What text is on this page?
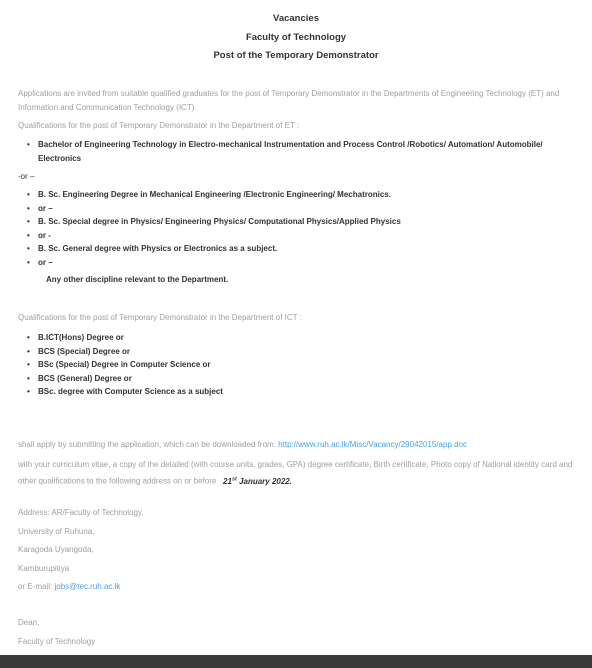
Vacancies
Faculty of Technology
Post of the Temporary Demonstrator
Applications are invited from suitable qualified graduates for the post of Temporary Demonstrator in the Departments of Engineering Technology (ET) and Information and Communication Technology (ICT).
Qualifications for the post of Temporary Demonstrator in the Department of ET :
• Bachelor of Engineering Technology in Electro-mechanical Instrumentation and Process Control /Robotics/ Automation/ Automobile/ Electronics
-or –
• B. Sc. Engineering Degree in Mechanical Engineering /Electronic Engineering/ Mechatronics.
• or –
• B. Sc. Special degree in Physics/ Engineering Physics/ Computational Physics/Applied Physics
• or -
• B. Sc. General degree with Physics or Electronics as a subject.
• or –
Any other discipline relevant to the Department.
Qualifications for the post of Temporary Demonstrator in the Department of ICT :
• B.ICT(Hons) Degree or
• BCS (Special) Degree or
• BSc (Special) Degree in Computer Science or
• BCS (General) Degree or
• BSc. degree with Computer Science as a subject
shall apply by submitting the application, which can be downloaded from: http://www.ruh.ac.lk/Misc/Vacancy/29042015/app.doc
with your curriculum vitae, a copy of the detailed (with course units, grades, GPA) degree certificate, Birth certificate, Photo copy of National identity card and other qualifications to the following address on or before 21st January 2022.
Address: AR/Faculty of Technology,
University of Ruhuna,
Karagoda Uyangoda,
Kamburupitiya
or E-mail: jobs@tec.ruh.ac.lk
Dean,
Faculty of Technology
